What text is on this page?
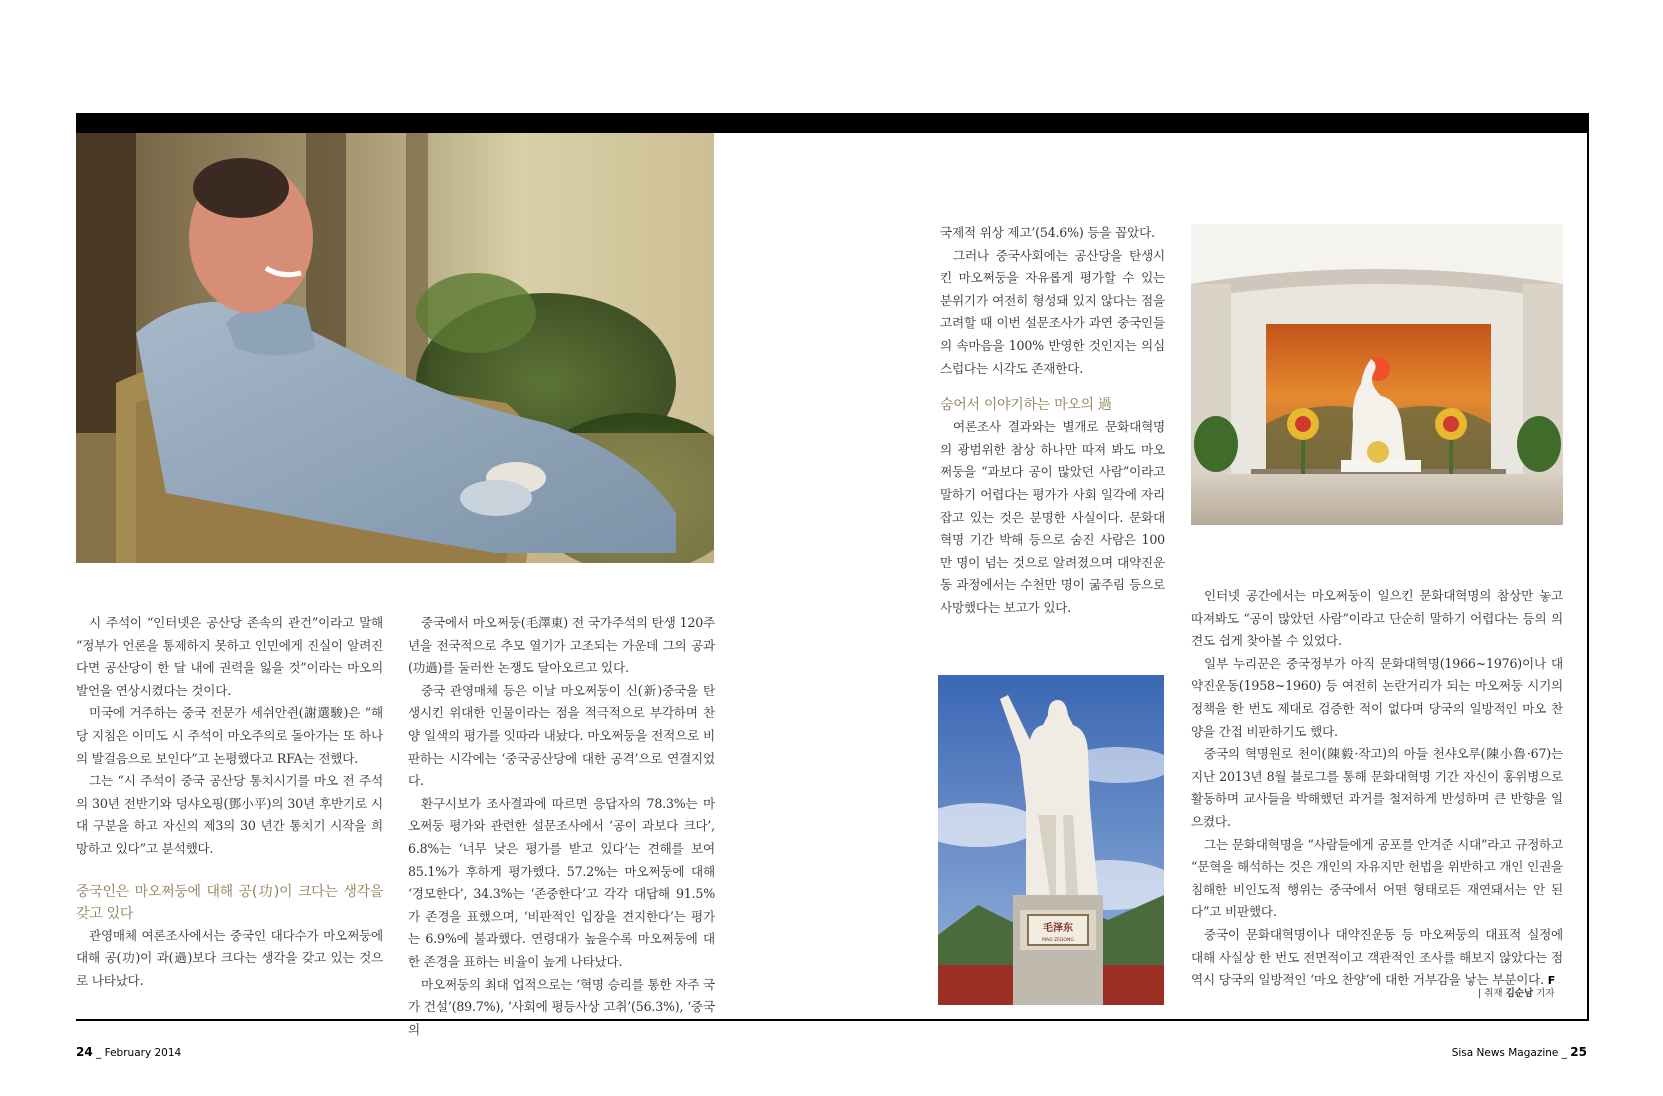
毛泽东
MAO ZEDONG

시 주석이 “인터넷은 공산당 존속의 관건”이라고 말해 “정부가 언론을 통제하지 못하고 인민에게 진실이 알려진다면 공산당이 한 달 내에 권력을 잃을 것”이라는 마오의 발언을 연상시켰다는 것이다.

미국에 거주하는 중국 전문가 세쉬안쥔(謝選駿)은 “해당 지침은 이미도 시 주석이 마오주의로 돌아가는 또 하나의 발걸음으로 보인다”고 논평했다고 RFA는 전했다.

그는 “시 주석이 중국 공산당 통치시기를 마오 전 주석의 30년 전반기와 덩샤오핑(鄧小平)의 30년 후반기로 시대 구분을 하고 자신의 제3의 30 년간 통치기 시작을 희망하고 있다”고 분석했다.

중국인은 마오쩌둥에 대해 공(功)이 크다는 생각을 갖고 있다

관영매체 여론조사에서는 중국인 대다수가 마오쩌둥에 대해 공(功)이 과(過)보다 크다는 생각을 갖고 있는 것으로 나타났다.

중국에서 마오쩌둥(毛澤東) 전 국가주석의 탄생 120주년을 전국적으로 추모 열기가 고조되는 가운데 그의 공과(功過)를 둘러싼 논쟁도 달아오르고 있다.

중국 관영매체 등은 이날 마오쩌둥이 신(新)중국을 탄생시킨 위대한 인물이라는 점을 적극적으로 부각하며 찬양 일색의 평가를 잇따라 내놨다. 마오쩌둥을 전적으로 비판하는 시각에는 ‘중국공산당에 대한 공격’으로 연결지었다.

환구시보가 조사결과에 따르면 응답자의 78.3%는 마오쩌둥 평가와 관련한 설문조사에서 ‘공이 과보다 크다’, 6.8%는 ‘너무 낮은 평가를 받고 있다’는 견해를 보여 85.1%가 후하게 평가했다. 57.2%는 마오쩌둥에 대해 ‘경모한다’, 34.3%는 ‘존중한다’고 각각 대답해 91.5%가 존경을 표했으며, ‘비판적인 입장을 견지한다’는 평가는 6.9%에 불과했다. 연령대가 높을수록 마오쩌둥에 대한 존경을 표하는 비율이 높게 나타났다.

마오쩌둥의 최대 업적으로는 ‘혁명 승리를 통한 자주 국가 건설’(89.7%), ‘사회에 평등사상 고취’(56.3%), ‘중국의

국제적 위상 제고’(54.6%) 등을 꼽았다.

그러나 중국사회에는 공산당을 탄생시킨 마오쩌둥을 자유롭게 평가할 수 있는 분위기가 여전히 형성돼 있지 않다는 점을 고려할 때 이번 설문조사가 과연 중국인들의 속마음을 100% 반영한 것인지는 의심스럽다는 시각도 존재한다.

숨어서 이야기하는 마오의 過

여론조사 결과와는 별개로 문화대혁명의 광범위한 참상 하나만 따져 봐도 마오쩌둥을 “과보다 공이 많았던 사람”이라고 말하기 어렵다는 평가가 사회 일각에 자리 잡고 있는 것은 분명한 사실이다. 문화대혁명 기간 박해 등으로 숨진 사람은 100만 명이 넘는 것으로 알려졌으며 대약진운동 과정에서는 수천만 명이 굶주림 등으로 사망했다는 보고가 있다.

인터넷 공간에서는 마오쩌둥이 일으킨 문화대혁명의 참상만 놓고 따져봐도 “공이 많았던 사람”이라고 단순히 말하기 어렵다는 등의 의견도 쉽게 찾아볼 수 있었다.

일부 누리꾼은 중국정부가 아직 문화대혁명(1966~1976)이나 대약진운동(1958~1960) 등 여전히 논란거리가 되는 마오쩌둥 시기의 정책을 한 번도 제대로 검증한 적이 없다며 당국의 일방적인 마오 찬양을 간접 비판하기도 했다.

중국의 혁명원로 천이(陳毅·작고)의 아들 천샤오루(陳小魯·67)는 지난 2013년 8월 블로그를 통해 문화대혁명 기간 자신이 홍위병으로 활동하며 교사들을 박해했던 과거를 철저하게 반성하며 큰 반향을 일으켰다.

그는 문화대혁명을 “사람들에게 공포를 안겨준 시대”라고 규정하고 “문혁을 해석하는 것은 개인의 자유지만 헌법을 위반하고 개인 인권을 침해한 비인도적 행위는 중국에서 어떤 형태로든 재연돼서는 안 된다”고 비판했다.

중국이 문화대혁명이나 대약진운동 등 마오쩌둥의 대표적 실정에 대해 사실상 한 번도 전면적이고 객관적인 조사를 해보지 않았다는 점 역시 당국의 일방적인 ‘마오 찬양’에 대한 거부감을 낳는 부분이다. F

| 취재 김순남 기자
24 _ February 2014	Sisa News Magazine _ 25
